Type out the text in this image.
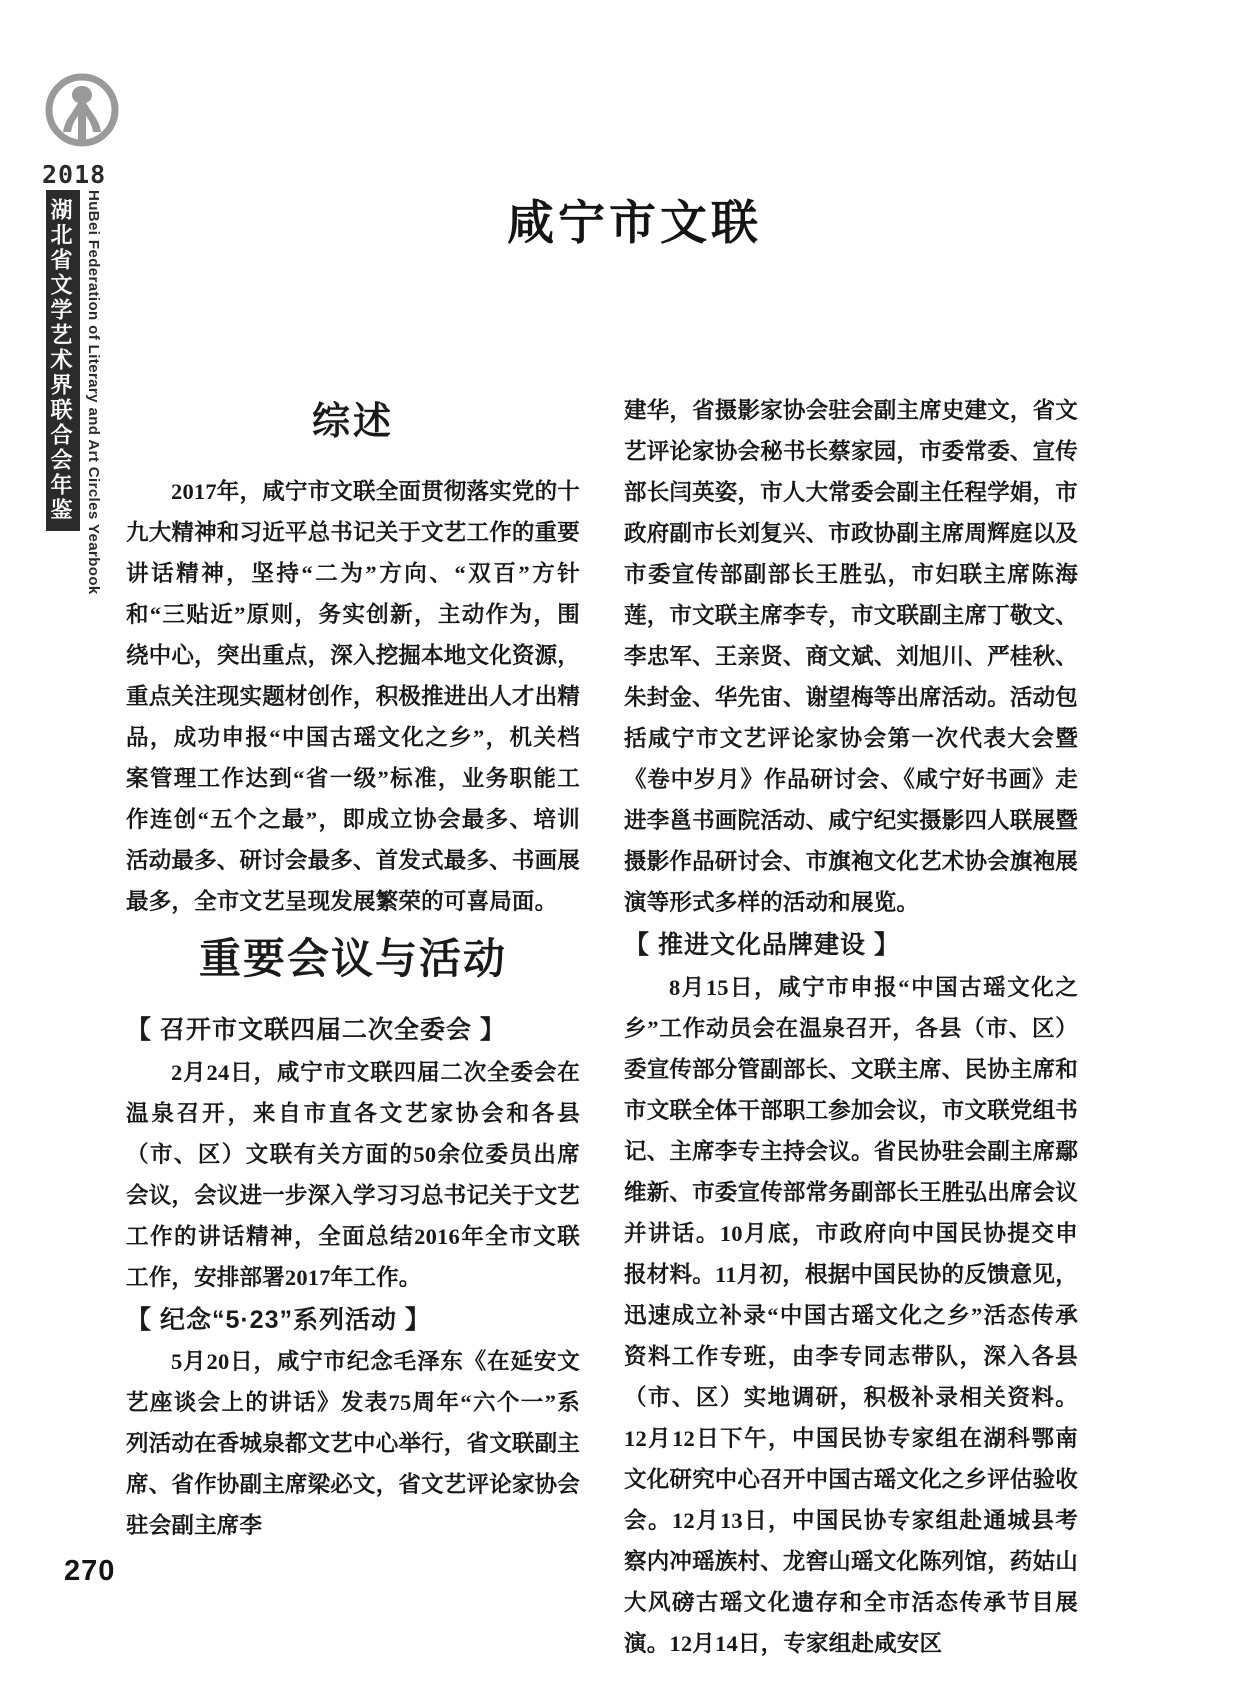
2018
HuBei Federation of Literary and Art Circles Yearbook
湖北省文学艺术界联合会年鉴	咸宁市文联
综述

2017年，咸宁市文联全面贯彻落实党的十九大精神和习近平总书记关于文艺工作的重要讲话精神，坚持“二为”方向、“双百”方针和“三贴近”原则，务实创新，主动作为，围绕中心，突出重点，深入挖掘本地文化资源，重点关注现实题材创作，积极推进出人才出精品，成功申报“中国古瑶文化之乡”，机关档案管理工作达到“省一级”标准，业务职能工作连创“五个之最”，即成立协会最多、培训活动最多、研讨会最多、首发式最多、书画展最多，全市文艺呈现发展繁荣的可喜局面。

重要会议与活动
【 召开市文联四届二次全委会 】

2月24日，咸宁市文联四届二次全委会在温泉召开，来自市直各文艺家协会和各县（市、区）文联有关方面的50余位委员出席会议，会议进一步深入学习习总书记关于文艺工作的讲话精神，全面总结2016年全市文联工作，安排部署2017年工作。

【 纪念“5·23”系列活动 】

5月20日，咸宁市纪念毛泽东《在延安文艺座谈会上的讲话》发表75周年“六个一”系列活动在香城泉都文艺中心举行，省文联副主席、省作协副主席梁必文，省文艺评论家协会驻会副主席李

建华，省摄影家协会驻会副主席史建文，省文艺评论家协会秘书长蔡家园，市委常委、宣传部长闫英姿，市人大常委会副主任程学娟，市政府副市长刘复兴、市政协副主席周辉庭以及市委宣传部副部长王胜弘，市妇联主席陈海莲，市文联主席李专，市文联副主席丁敬文、李忠军、王亲贤、商文斌、刘旭川、严桂秋、朱封金、华先宙、谢望梅等出席活动。活动包括咸宁市文艺评论家协会第一次代表大会暨《卷中岁月》作品研讨会、《咸宁好书画》走进李邕书画院活动、咸宁纪实摄影四人联展暨摄影作品研讨会、市旗袍文化艺术协会旗袍展演等形式多样的活动和展览。

【 推进文化品牌建设 】

8月15日，咸宁市申报“中国古瑶文化之乡”工作动员会在温泉召开，各县（市、区）委宣传部分管副部长、文联主席、民协主席和市文联全体干部职工参加会议，市文联党组书记、主席李专主持会议。省民协驻会副主席鄢维新、市委宣传部常务副部长王胜弘出席会议并讲话。10月底，市政府向中国民协提交申报材料。11月初，根据中国民协的反馈意见，迅速成立补录“中国古瑶文化之乡”活态传承资料工作专班，由李专同志带队，深入各县（市、区）实地调研，积极补录相关资料。12月12日下午，中国民协专家组在湖科鄂南文化研究中心召开中国古瑶文化之乡评估验收会。12月13日，中国民协专家组赴通城县考察内冲瑶族村、龙窖山瑶文化陈列馆，药姑山大风磅古瑶文化遗存和全市活态传承节目展演。12月14日，专家组赴咸安区

270
